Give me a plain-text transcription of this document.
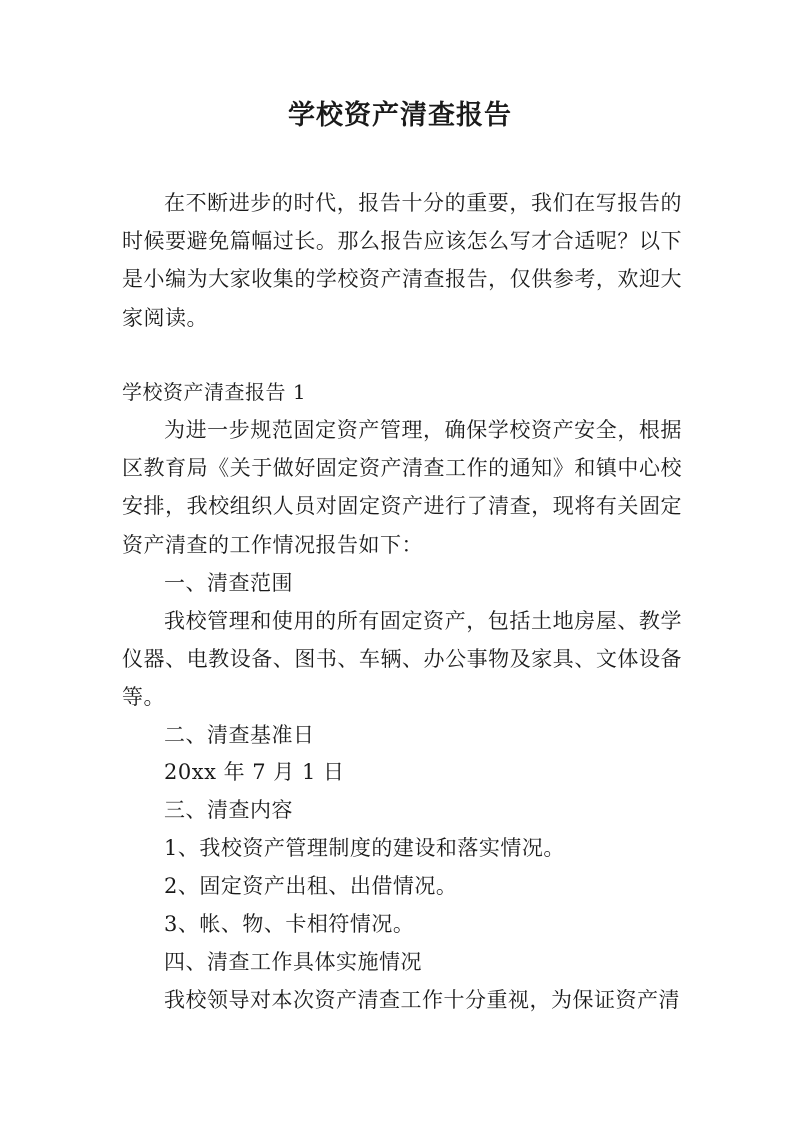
学校资产清查报告
在不断进步的时代，报告十分的重要，我们在写报告的时候要避免篇幅过长。那么报告应该怎么写才合适呢？以下是小编为大家收集的学校资产清查报告，仅供参考，欢迎大家阅读。
学校资产清查报告 1
为进一步规范固定资产管理，确保学校资产安全，根据区教育局《关于做好固定资产清查工作的通知》和镇中心校安排，我校组织人员对固定资产进行了清查，现将有关固定资产清查的工作情况报告如下：
一、清查范围
我校管理和使用的所有固定资产，包括土地房屋、教学仪器、电教设备、图书、车辆、办公事物及家具、文体设备等。
二、清查基准日
20xx 年 7 月 1 日
三、清查内容
1、我校资产管理制度的建设和落实情况。
2、固定资产出租、出借情况。
3、帐、物、卡相符情况。
四、清查工作具体实施情况
我校领导对本次资产清查工作十分重视，为保证资产清
